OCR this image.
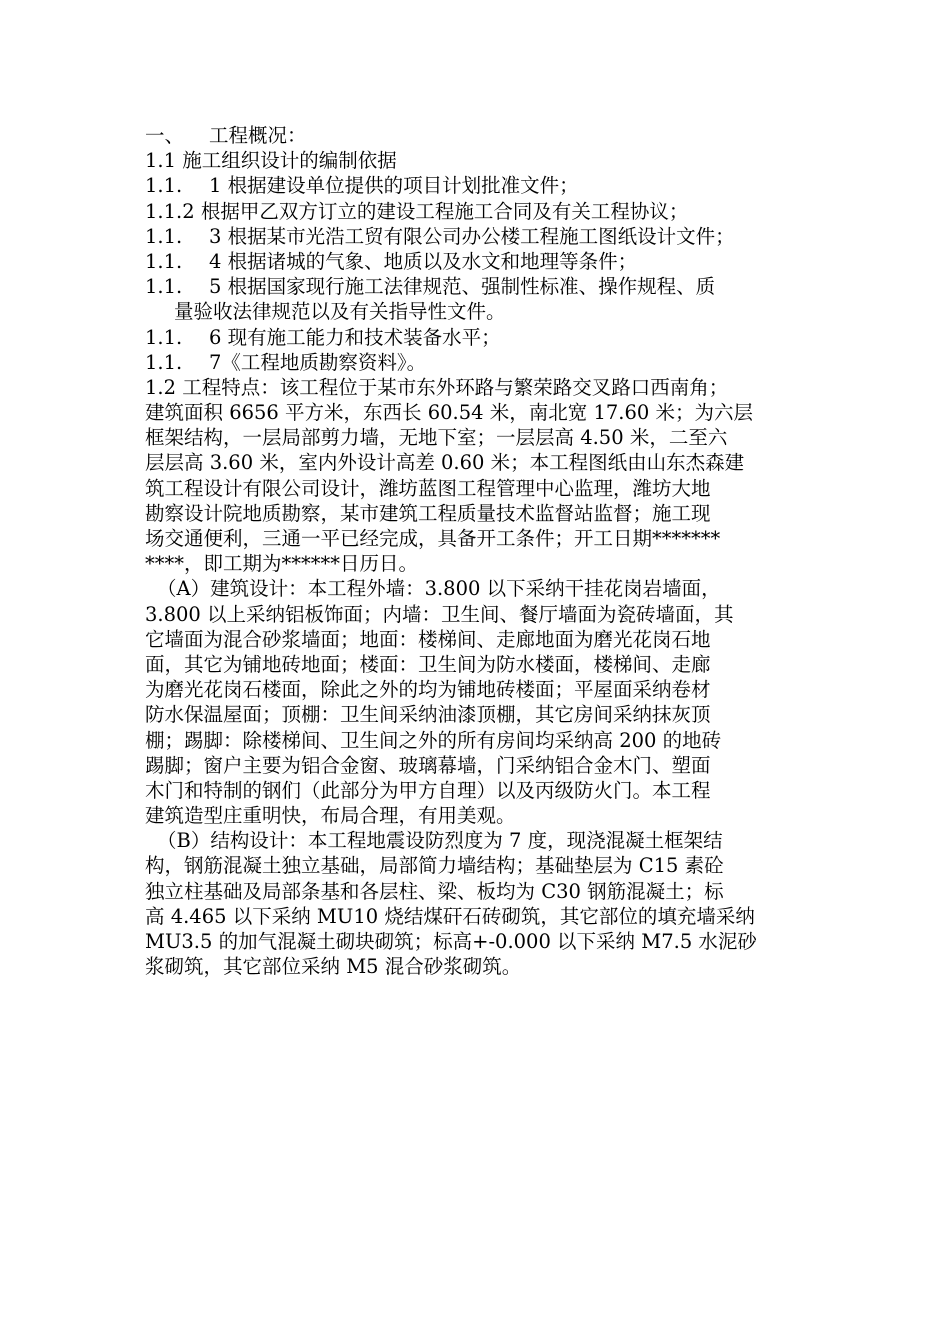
一、 工程概况：
1.1 施工组织设计的编制依据
1.1. 1 根据建设单位提供的项目计划批准文件；
1.1.2 根据甲乙双方订立的建设工程施工合同及有关工程协议；
1.1. 3 根据某市光浩工贸有限公司办公楼工程施工图纸设计文件；
1.1. 4 根据诸城的气象、地质以及水文和地理等条件；
1.1. 5 根据国家现行施工法律规范、强制性标准、操作规程、质
量验收法律规范以及有关指导性文件。
1.1. 6 现有施工能力和技术装备水平；
1.1. 7《工程地质勘察资料》。
1.2 工程特点：该工程位于某市东外环路与繁荣路交叉路口西南角；
建筑面积 6656 平方米，东西长 60.54 米，南北宽 17.60 米；为六层
框架结构，一层局部剪力墙，无地下室；一层层高 4.50 米，二至六
层层高 3.60 米，室内外设计高差 0.60 米；本工程图纸由山东杰森建
筑工程设计有限公司设计，潍坊蓝图工程管理中心监理，潍坊大地
勘察设计院地质勘察，某市建筑工程质量技术监督站监督；施工现
场交通便利，三通一平已经完成，具备开工条件；开工日期*******
****，即工期为******日历日。
（A）建筑设计：本工程外墙：3.800 以下采纳干挂花岗岩墙面，
3.800 以上采纳铝板饰面；内墙：卫生间、餐厅墙面为瓷砖墙面，其
它墙面为混合砂浆墙面；地面：楼梯间、走廊地面为磨光花岗石地
面，其它为铺地砖地面；楼面：卫生间为防水楼面，楼梯间、走廊
为磨光花岗石楼面，除此之外的均为铺地砖楼面；平屋面采纳卷材
防水保温屋面；顶棚：卫生间采纳油漆顶棚，其它房间采纳抹灰顶
棚；踢脚：除楼梯间、卫生间之外的所有房间均采纳高 200 的地砖
踢脚；窗户主要为铝合金窗、玻璃幕墙，门采纳铝合金木门、塑面
木门和特制的钢们（此部分为甲方自理）以及丙级防火门。本工程
建筑造型庄重明快，布局合理，有用美观。
（B）结构设计：本工程地震设防烈度为 7 度，现浇混凝土框架结
构，钢筋混凝土独立基础，局部简力墙结构；基础垫层为 C15 素砼
独立柱基础及局部条基和各层柱、梁、板均为 C30 钢筋混凝土；标
高 4.465 以下采纳 MU10 烧结煤矸石砖砌筑，其它部位的填充墙采纳
MU3.5 的加气混凝土砌块砌筑；标高+-0.000 以下采纳 M7.5 水泥砂
浆砌筑，其它部位采纳 M5 混合砂浆砌筑。
